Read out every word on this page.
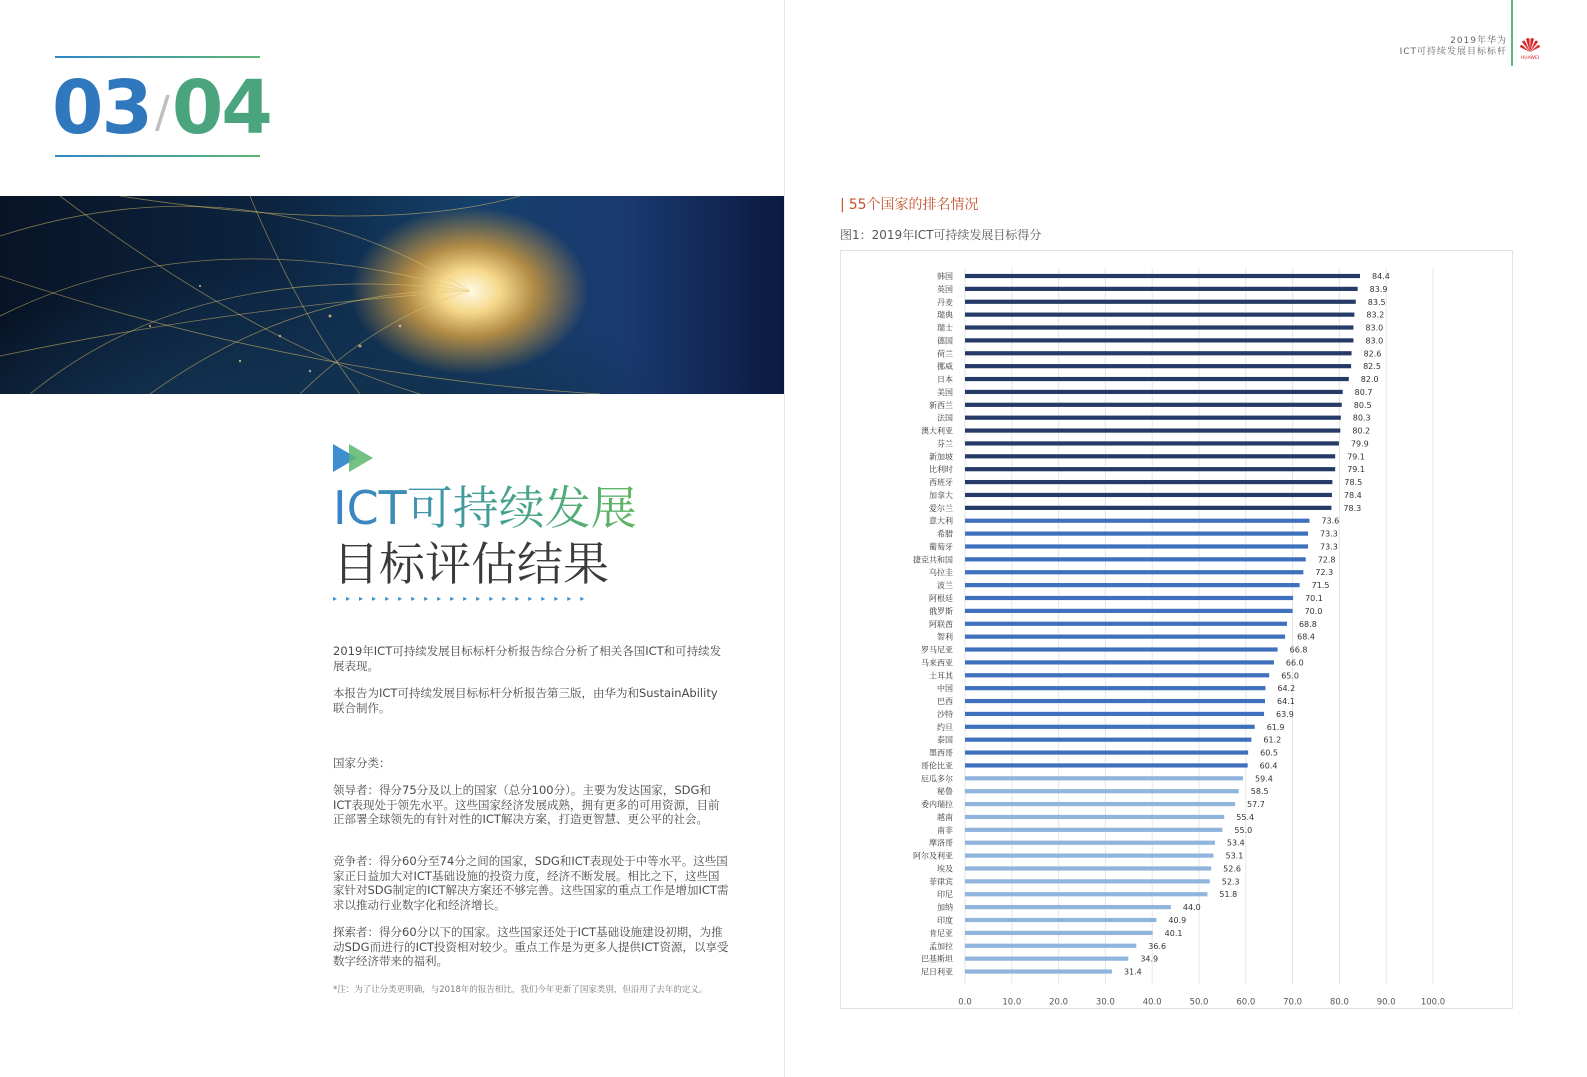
03/04
ICT可持续发展
目标评估结果
▸▸▸▸▸▸▸▸▸▸▸▸▸▸▸▸▸▸▸▸
2019年ICT可持续发展目标标杆分析报告综合分析了相关各国ICT和可持续发展表现。
本报告为ICT可持续发展目标标杆分析报告第三版，由华为和SustainAbility联合制作。
国家分类：
领导者：得分75分及以上的国家（总分100分）。主要为发达国家，SDG和ICT表现处于领先水平。这些国家经济发展成熟，拥有更多的可用资源，目前正部署全球领先的有针对性的ICT解决方案，打造更智慧、更公平的社会。
竞争者：得分60分至74分之间的国家，SDG和ICT表现处于中等水平。这些国家正日益加大对ICT基础设施的投资力度，经济不断发展。相比之下，这些国家针对SDG制定的ICT解决方案还不够完善。这些国家的重点工作是增加ICT需求以推动行业数字化和经济增长。
探索者：得分60分以下的国家。这些国家还处于ICT基础设施建设初期，为推动SDG而进行的ICT投资相对较少。重点工作是为更多人提供ICT资源，以享受数字经济带来的福利。
*注：为了让分类更明确，与2018年的报告相比，我们今年更新了国家类别，但沿用了去年的定义。
2019年华为
ICT可持续发展目标标杆
HUAWEI
| 55个国家的排名情况
图1：2019年ICT可持续发展目标得分
0.0	10.0	20.0	30.0	40.0	50.0	60.0	70.0	80.0	90.0	100.0
韩国	84.4
英国	83.9
丹麦	83.5
瑞典	83.2
瑞士	83.0
德国	83.0
荷兰	82.6
挪威	82.5
日本	82.0
美国	80.7
新西兰	80.5
法国	80.3
澳大利亚	80.2
芬兰	79.9
新加坡	79.1
比利时	79.1
西班牙	78.5
加拿大	78.4
爱尔兰	78.3
意大利	73.6
希腊	73.3
葡萄牙	73.3
捷克共和国	72.8
乌拉圭	72.3
波兰	71.5
阿根廷	70.1
俄罗斯	70.0
阿联酋	68.8
智利	68.4
罗马尼亚	66.8
马来西亚	66.0
土耳其	65.0
中国	64.2
巴西	64.1
沙特	63.9
约旦	61.9
泰国	61.2
墨西哥	60.5
哥伦比亚	60.4
厄瓜多尔	59.4
秘鲁	58.5
委内瑞拉	57.7
越南	55.4
南非	55.0
摩洛哥	53.4
阿尔及利亚	53.1
埃及	52.6
菲律宾	52.3
印尼	51.8
加纳	44.0
印度	40.9
肯尼亚	40.1
孟加拉	36.6
巴基斯坦	34.9
尼日利亚	31.4
